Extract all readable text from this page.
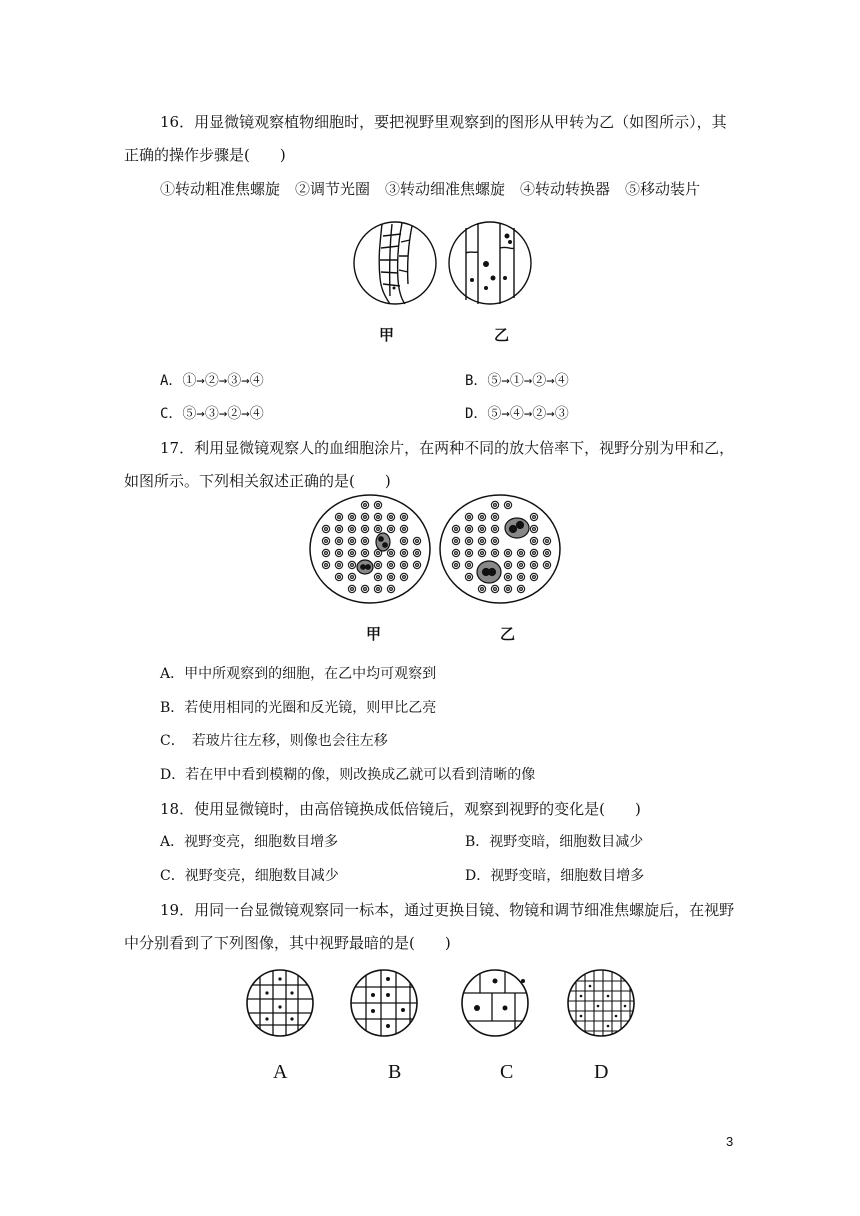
16．用显微镜观察植物细胞时，要把视野里观察到的图形从甲转为乙（如图所示），其
正确的操作步骤是(　　)
①转动粗准焦螺旋　②调节光圈　③转动细准焦螺旋　④转动转换器　⑤移动装片
甲	乙
A．①→②→③→④	B．⑤→①→②→④
C．⑤→③→②→④	D．⑤→④→②→③
17．利用显微镜观察人的血细胞涂片，在两种不同的放大倍率下，视野分别为甲和乙，
如图所示。下列相关叙述正确的是(　　)
甲	乙
A．甲中所观察到的细胞，在乙中均可观察到
B．若使用相同的光圈和反光镜，则甲比乙亮
C．　若玻片往左移，则像也会往左移
D．若在甲中看到模糊的像，则改换成乙就可以看到清晰的像
18．使用显微镜时，由高倍镜换成低倍镜后，观察到视野的变化是(　　)
A．视野变亮，细胞数目增多	B．视野变暗，细胞数目减少
C．视野变亮，细胞数目减少	D．视野变暗，细胞数目增多
19．用同一台显微镜观察同一标本，通过更换目镜、物镜和调节细准焦螺旋后，在视野
中分别看到了下列图像，其中视野最暗的是(　　)
A	B	C	D
3
